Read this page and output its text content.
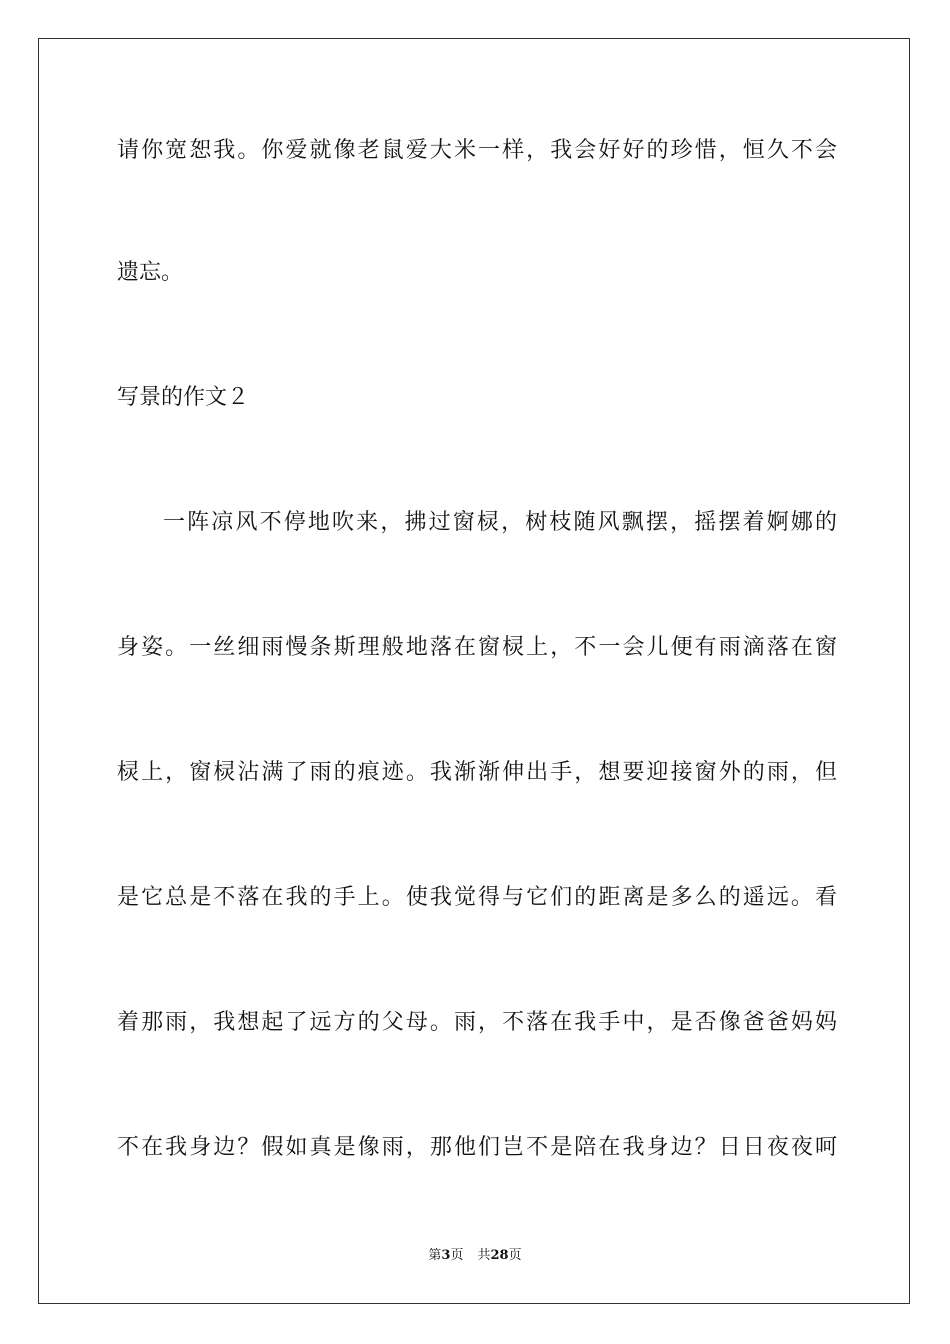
请你宽恕我。你爱就像老鼠爱大米一样，我会好好的珍惜，恒久不会

遗忘。

写景的作文２

一阵凉风不停地吹来，拂过窗棂，树枝随风飘摆，摇摆着婀娜的

身姿。一丝细雨慢条斯理般地落在窗棂上，不一会儿便有雨滴落在窗

棂上，窗棂沾满了雨的痕迹。我渐渐伸出手，想要迎接窗外的雨，但

是它总是不落在我的手上。使我觉得与它们的距离是多么的遥远。看

着那雨，我想起了远方的父母。雨，不落在我手中，是否像爸爸妈妈

不在我身边？假如真是像雨，那他们岂不是陪在我身边？日日夜夜呵

第3页 共28页
